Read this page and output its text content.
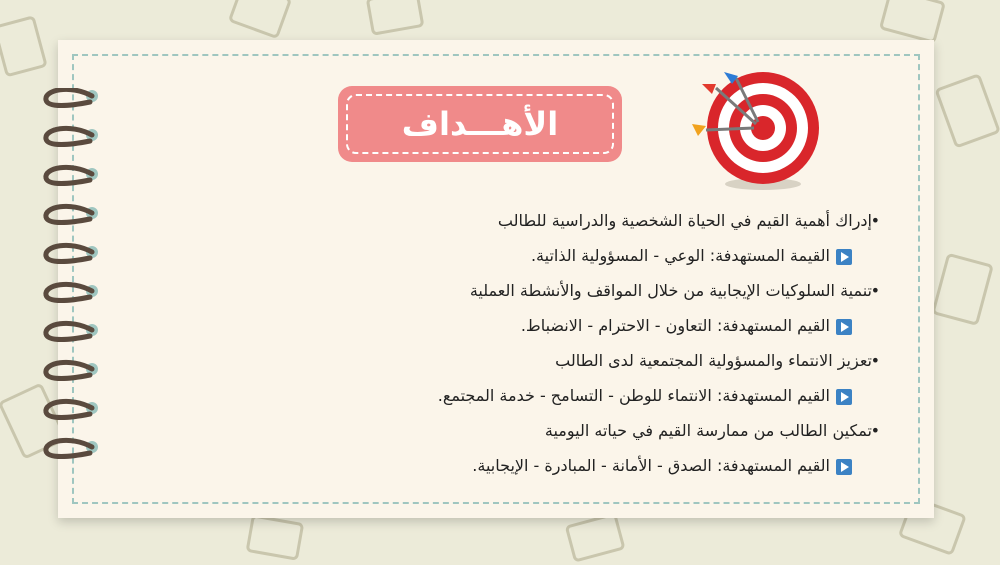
الأهـــداف
•
إدراك أهمية القيم في الحياة الشخصية والدراسية للطالب
القيمة المستهدفة: الوعي - المسؤولية الذاتية.
•
تنمية السلوكيات الإيجابية من خلال المواقف والأنشطة العملية
القيم المستهدفة: التعاون - الاحترام - الانضباط.
•
تعزيز الانتماء والمسؤولية المجتمعية لدى الطالب
القيم المستهدفة: الانتماء للوطن - التسامح - خدمة المجتمع.
•
تمكين الطالب من ممارسة القيم في حياته اليومية
القيم المستهدفة: الصدق - الأمانة - المبادرة - الإيجابية.
